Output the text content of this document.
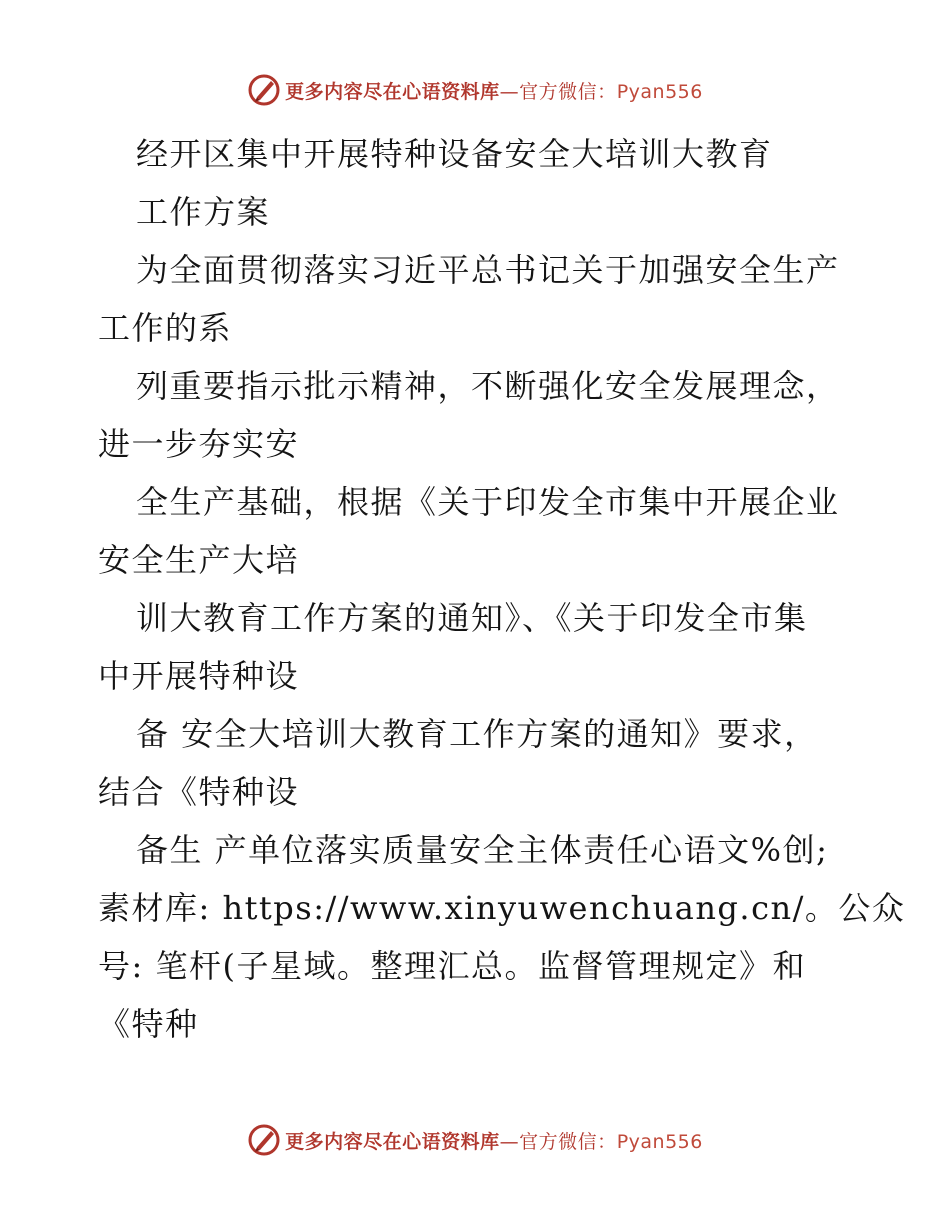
更多内容尽在心语资料库—官方微信：Pyan556
经开区集中开展特种设备安全大培训大教育
工作方案
为全面贯彻落实习近平总书记关于加强安全生产
工作的系
列重要指示批示精神，不断强化安全发展理念，
进一步夯实安
全生产基础，根据《关于印发全市集中开展企业
安全生产大培
训大教育工作方案的通知》、《关于印发全市集
中开展特种设
备 安全大培训大教育工作方案的通知》要求，
结合《特种设
备生 产单位落实质量安全主体责任心语文%创;
素材库: https://www.xinyuwenchuang.cn/。公众
号: 笔杆(子星域。整理汇总。监督管理规定》和
《特种
更多内容尽在心语资料库—官方微信：Pyan556
